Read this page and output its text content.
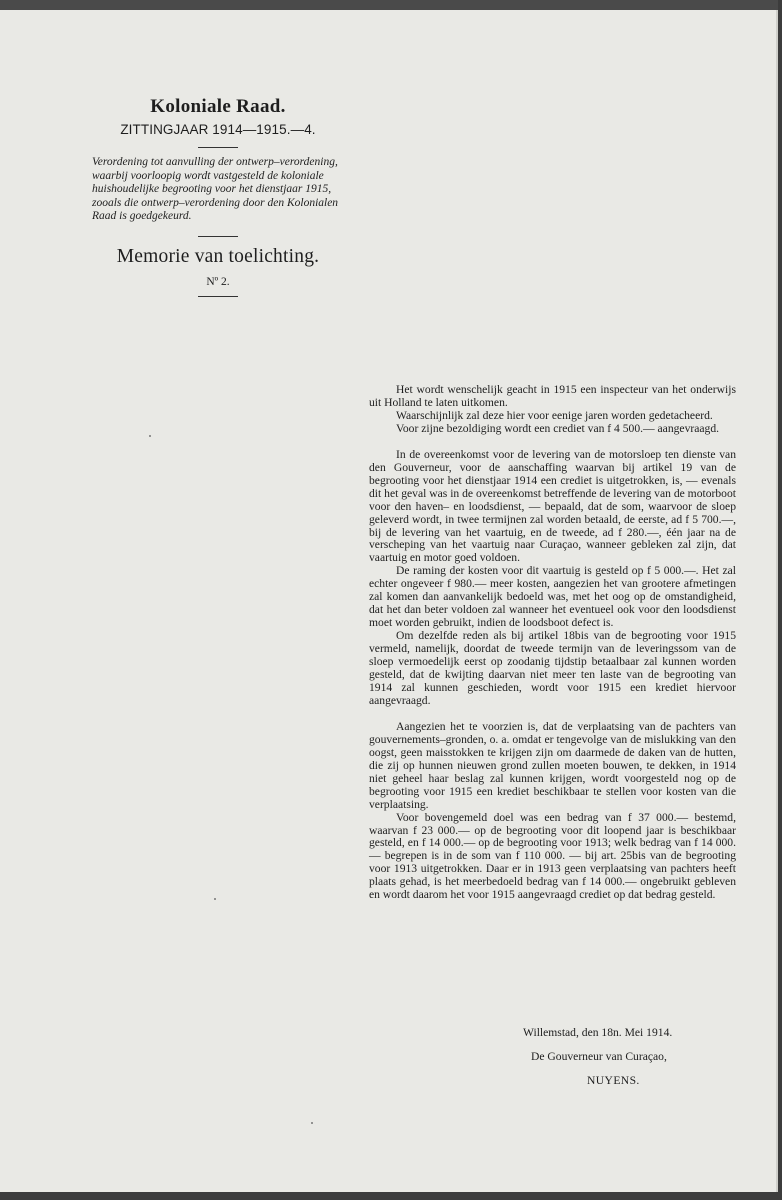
Koloniale Raad.
ZITTINGJAAR 1914—1915.—4.
Verordening tot aanvulling der ontwerp–verordening, waarbij voorloopig wordt vastgesteld de koloniale huishoudelijke begrooting voor het dienstjaar 1915, zooals die ontwerp–verordening door den Kolonialen Raad is goedgekeurd.
Memorie van toelichting.
Nº 2.

Het wordt wenschelijk geacht in 1915 een inspecteur van het onderwijs uit Holland te laten uitkomen.

Waarschijnlijk zal deze hier voor eenige jaren worden gedetacheerd.

Voor zijne bezoldiging wordt een crediet van f 4 500.— aangevraagd.

In de overeenkomst voor de levering van de motorsloep ten dienste van den Gouverneur, voor de aanschaffing waarvan bij artikel 19 van de begrooting voor het dienstjaar 1914 een crediet is uitgetrokken, is, — evenals dit het geval was in de overeenkomst betreffende de levering van de motorboot voor den haven– en loodsdienst, — bepaald, dat de som, waarvoor de sloep geleverd wordt, in twee termijnen zal worden betaald, de eerste, ad f 5 700.—, bij de levering van het vaartuig, en de tweede, ad f 280.—, één jaar na de verscheping van het vaartuig naar Curaçao, wanneer gebleken zal zijn, dat vaartuig en motor goed voldoen.

De raming der kosten voor dit vaartuig is gesteld op f 5 000.—. Het zal echter ongeveer f 980.— meer kosten, aangezien het van grootere afmetingen zal komen dan aanvankelijk bedoeld was, met het oog op de omstandigheid, dat het dan beter voldoen zal wanneer het eventueel ook voor den loodsdienst moet worden gebruikt, indien de loodsboot defect is.

Om dezelfde reden als bij artikel 18bis van de begrooting voor 1915 vermeld, namelijk, doordat de tweede termijn van de leveringssom van de sloep vermoedelijk eerst op zoodanig tijdstip betaalbaar zal kunnen worden gesteld, dat de kwijting daarvan niet meer ten laste van de begrooting van 1914 zal kunnen geschieden, wordt voor 1915 een krediet hiervoor aangevraagd.

Aangezien het te voorzien is, dat de verplaatsing van de pachters van gouvernements–gronden, o. a. omdat er tengevolge van de mislukking van den oogst, geen maisstokken te krijgen zijn om daarmede de daken van de hutten, die zij op hunnen nieuwen grond zullen moeten bouwen, te dekken, in 1914 niet geheel haar beslag zal kunnen krijgen, wordt voorgesteld nog op de begrooting voor 1915 een krediet beschikbaar te stellen voor kosten van die verplaatsing.

Voor bovengemeld doel was een bedrag van f 37 000.— bestemd, waarvan f 23 000.— op de begrooting voor dit loopend jaar is beschikbaar gesteld, en f 14 000.— op de begrooting voor 1913; welk bedrag van f 14 000.— begrepen is in de som van f 110 000. — bij art. 25bis van de begrooting voor 1913 uitgetrokken. Daar er in 1913 geen verplaatsing van pachters heeft plaats gehad, is het meerbedoeld bedrag van f 14 000.— ongebruikt gebleven en wordt daarom het voor 1915 aangevraagd crediet op dat bedrag gesteld.

Willemstad, den 18n. Mei 1914.
De Gouverneur van Curaçao,
NUYENS.
